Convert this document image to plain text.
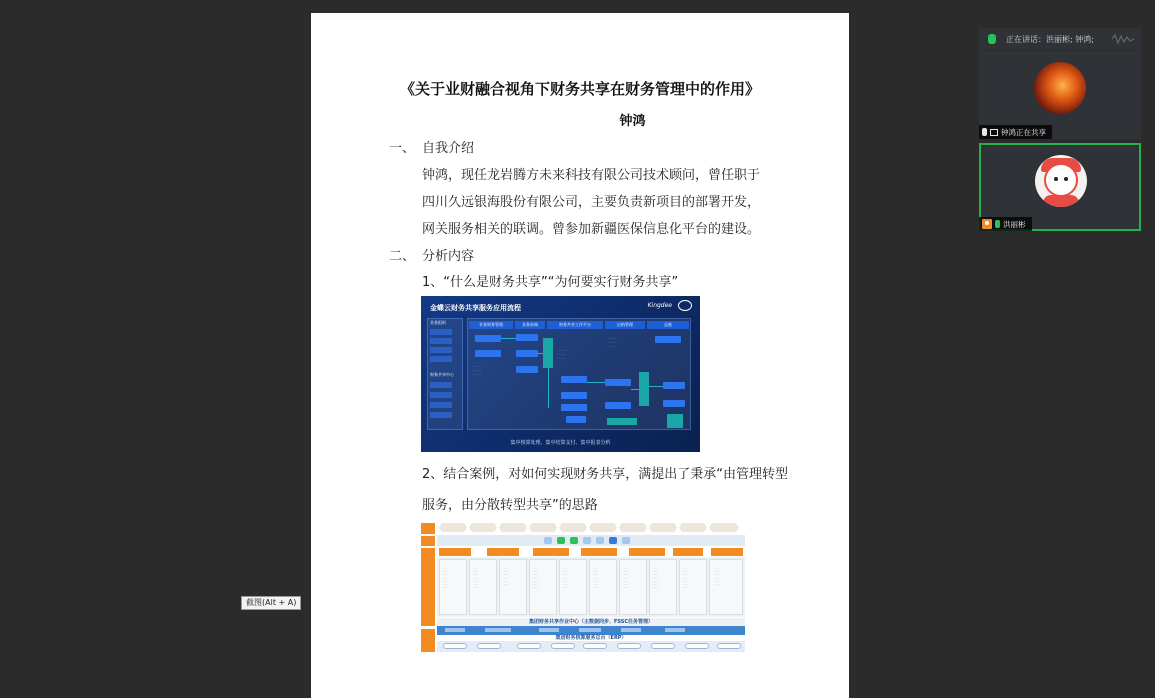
《关于业财融合视角下财务共享在财务管理中的作用》
钟鸿
一、 自我介绍
钟鸿，现任龙岩腾方未来科技有限公司技术顾问，曾任职于
四川久远银海股份有限公司，主要负责新项目的部署开发，
网关服务相关的联调。曾参加新疆医保信息化平台的建设。
二、 分析内容
1、“什么是财务共享”“为何要实行财务共享”
金蝶云财务共享服务应用流程	Kingdee
业务组织
财务共享中心
业务财务管理	业务前端	财务共享工作平台	出纳管理	总账
·········
·········
·········
··········
··········
··········
··········
··········
··········
集中核算处理、集中结算支付、集中报表分析
2、结合案例，对如何实现财务共享，满提出了秉承“由管理转型
服务，由分散转型共享”的思路
······
······
······
······
······
······
······
······
······
······
······
······
······
······
······
······
······
······
······
······
······
······
······
······
······
······
······
······
······
······
······
······
······
······
······
······
······
······
······
······
······
······
······
······
······
······
······
······
······
······
······
······
······
······
······
······
······
······
······
······
······
······
······
······
······
······
······
······
集团财务共享作业中心（主数据同步、FSSC任务管理）
集团财务核算服务总台（ERP）
截图(Alt + A)
正在讲话：洪丽彬; 钟鸿;
钟鸿正在共享
洪丽彬
